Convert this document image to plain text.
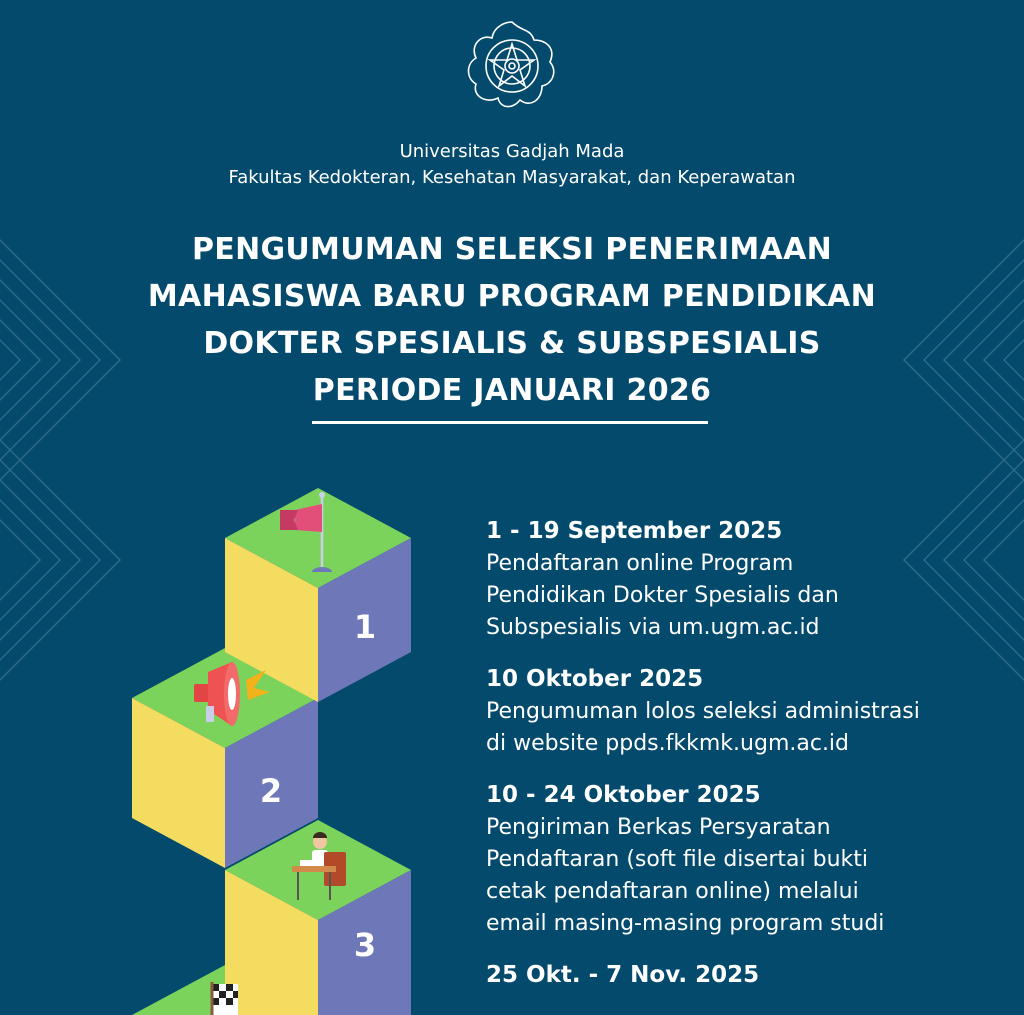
Universitas Gadjah Mada
Fakultas Kedokteran, Kesehatan Masyarakat, dan Keperawatan
PENGUMUMAN SELEKSI PENERIMAAN
MAHASISWA BARU PROGRAM PENDIDIKAN
DOKTER SPESIALIS & SUBSPESIALIS
PERIODE JANUARI 2026
1
2
3
1 - 19 September 2025
Pendaftaran online Program
Pendidikan Dokter Spesialis dan
Subspesialis via um.ugm.ac.id
10 Oktober 2025
Pengumuman lolos seleksi administrasi
di website ppds.fkkmk.ugm.ac.id
10 - 24 Oktober 2025
Pengiriman Berkas Persyaratan
Pendaftaran (soft file disertai bukti
cetak pendaftaran online) melalui
email masing-masing program studi
25 Okt. - 7 Nov. 2025
